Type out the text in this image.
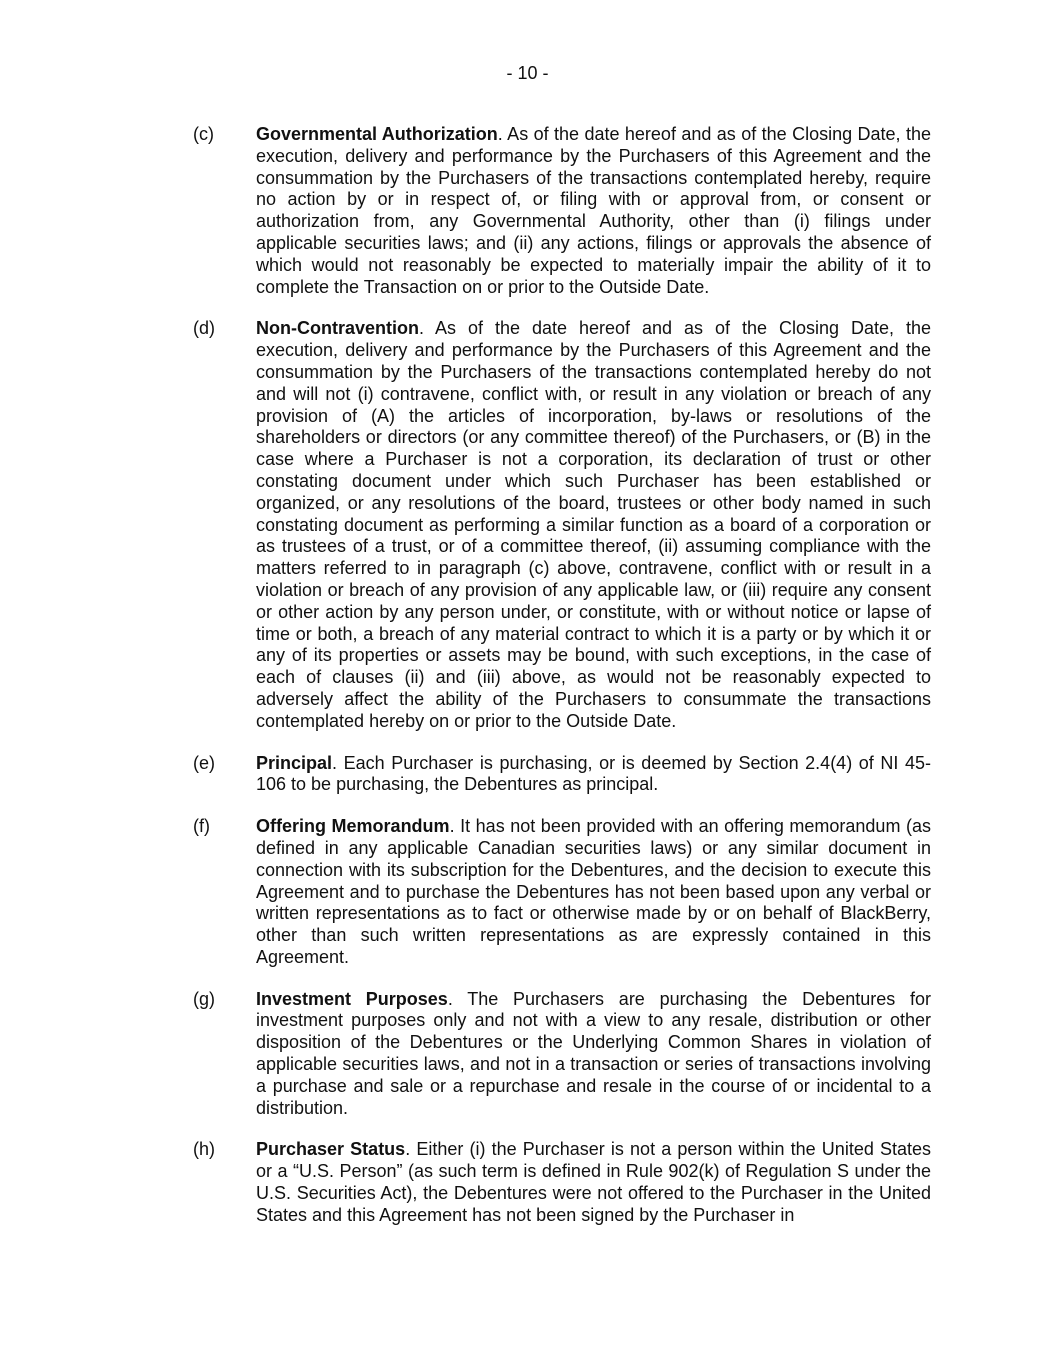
- 10 -
(c)	Governmental Authorization. As of the date hereof and as of the Closing Date, the execution, delivery and performance by the Purchasers of this Agreement and the consummation by the Purchasers of the transactions contemplated hereby, require no action by or in respect of, or filing with or approval from, or consent or authorization from, any Governmental Authority, other than (i) filings under applicable securities laws; and (ii) any actions, filings or approvals the absence of which would not reasonably be expected to materially impair the ability of it to complete the Transaction on or prior to the Outside Date.
(d)	Non-Contravention. As of the date hereof and as of the Closing Date, the execution, delivery and performance by the Purchasers of this Agreement and the consummation by the Purchasers of the transactions contemplated hereby do not and will not (i) contravene, conflict with, or result in any violation or breach of any provision of (A) the articles of incorporation, by-laws or resolutions of the shareholders or directors (or any committee thereof) of the Purchasers, or (B) in the case where a Purchaser is not a corporation, its declaration of trust or other constating document under which such Purchaser has been established or organized, or any resolutions of the board, trustees or other body named in such constating document as performing a similar function as a board of a corporation or as trustees of a trust, or of a committee thereof, (ii) assuming compliance with the matters referred to in paragraph (c) above, contravene, conflict with or result in a violation or breach of any provision of any applicable law, or (iii) require any consent or other action by any person under, or constitute, with or without notice or lapse of time or both, a breach of any material contract to which it is a party or by which it or any of its properties or assets may be bound, with such exceptions, in the case of each of clauses (ii) and (iii) above, as would not be reasonably expected to adversely affect the ability of the Purchasers to consummate the transactions contemplated hereby on or prior to the Outside Date.
(e)	Principal. Each Purchaser is purchasing, or is deemed by Section 2.4(4) of NI 45-106 to be purchasing, the Debentures as principal.
(f)	Offering Memorandum. It has not been provided with an offering memorandum (as defined in any applicable Canadian securities laws) or any similar document in connection with its subscription for the Debentures, and the decision to execute this Agreement and to purchase the Debentures has not been based upon any verbal or written representations as to fact or otherwise made by or on behalf of BlackBerry, other than such written representations as are expressly contained in this Agreement.
(g)	Investment Purposes. The Purchasers are purchasing the Debentures for investment purposes only and not with a view to any resale, distribution or other disposition of the Debentures or the Underlying Common Shares in violation of applicable securities laws, and not in a transaction or series of transactions involving a purchase and sale or a repurchase and resale in the course of or incidental to a distribution.
(h)	Purchaser Status. Either (i) the Purchaser is not a person within the United States or a “U.S. Person” (as such term is defined in Rule 902(k) of Regulation S under the U.S. Securities Act), the Debentures were not offered to the Purchaser in the United States and this Agreement has not been signed by the Purchaser in
